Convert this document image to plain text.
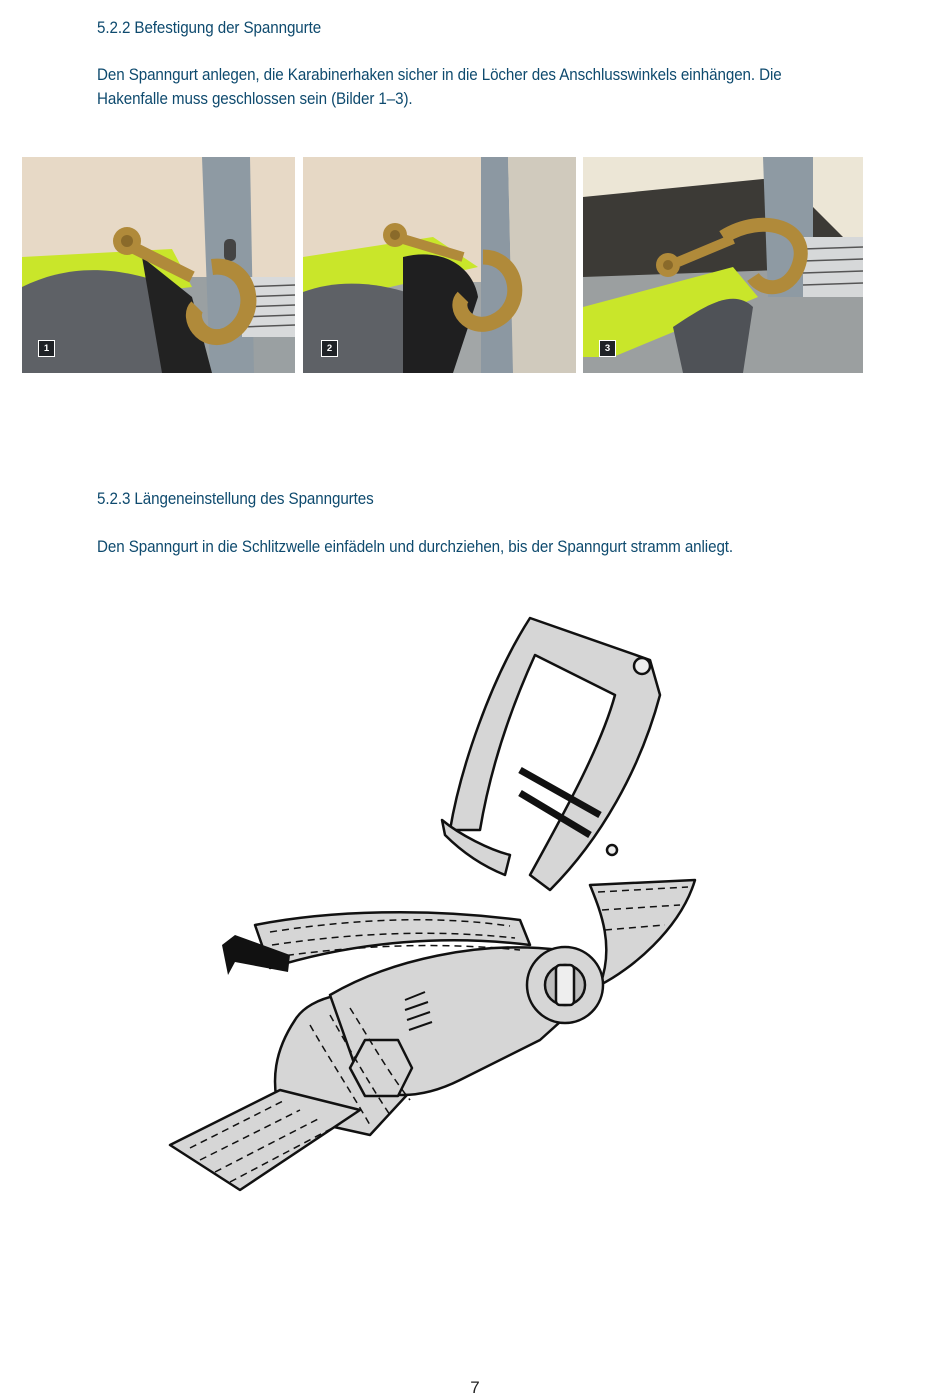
5.2.2 Befestigung der Spanngurte
Den Spanngurt anlegen, die Karabinerhaken sicher in die Löcher des Anschlusswinkels einhängen. Die Hakenfalle muss geschlossen sein (Bilder 1–3).
1	2	3
5.2.3 Längeneinstellung des Spanngurtes
Den Spanngurt in die Schlitzwelle einfädeln und durchziehen, bis der Spanngurt stramm anliegt.
7
